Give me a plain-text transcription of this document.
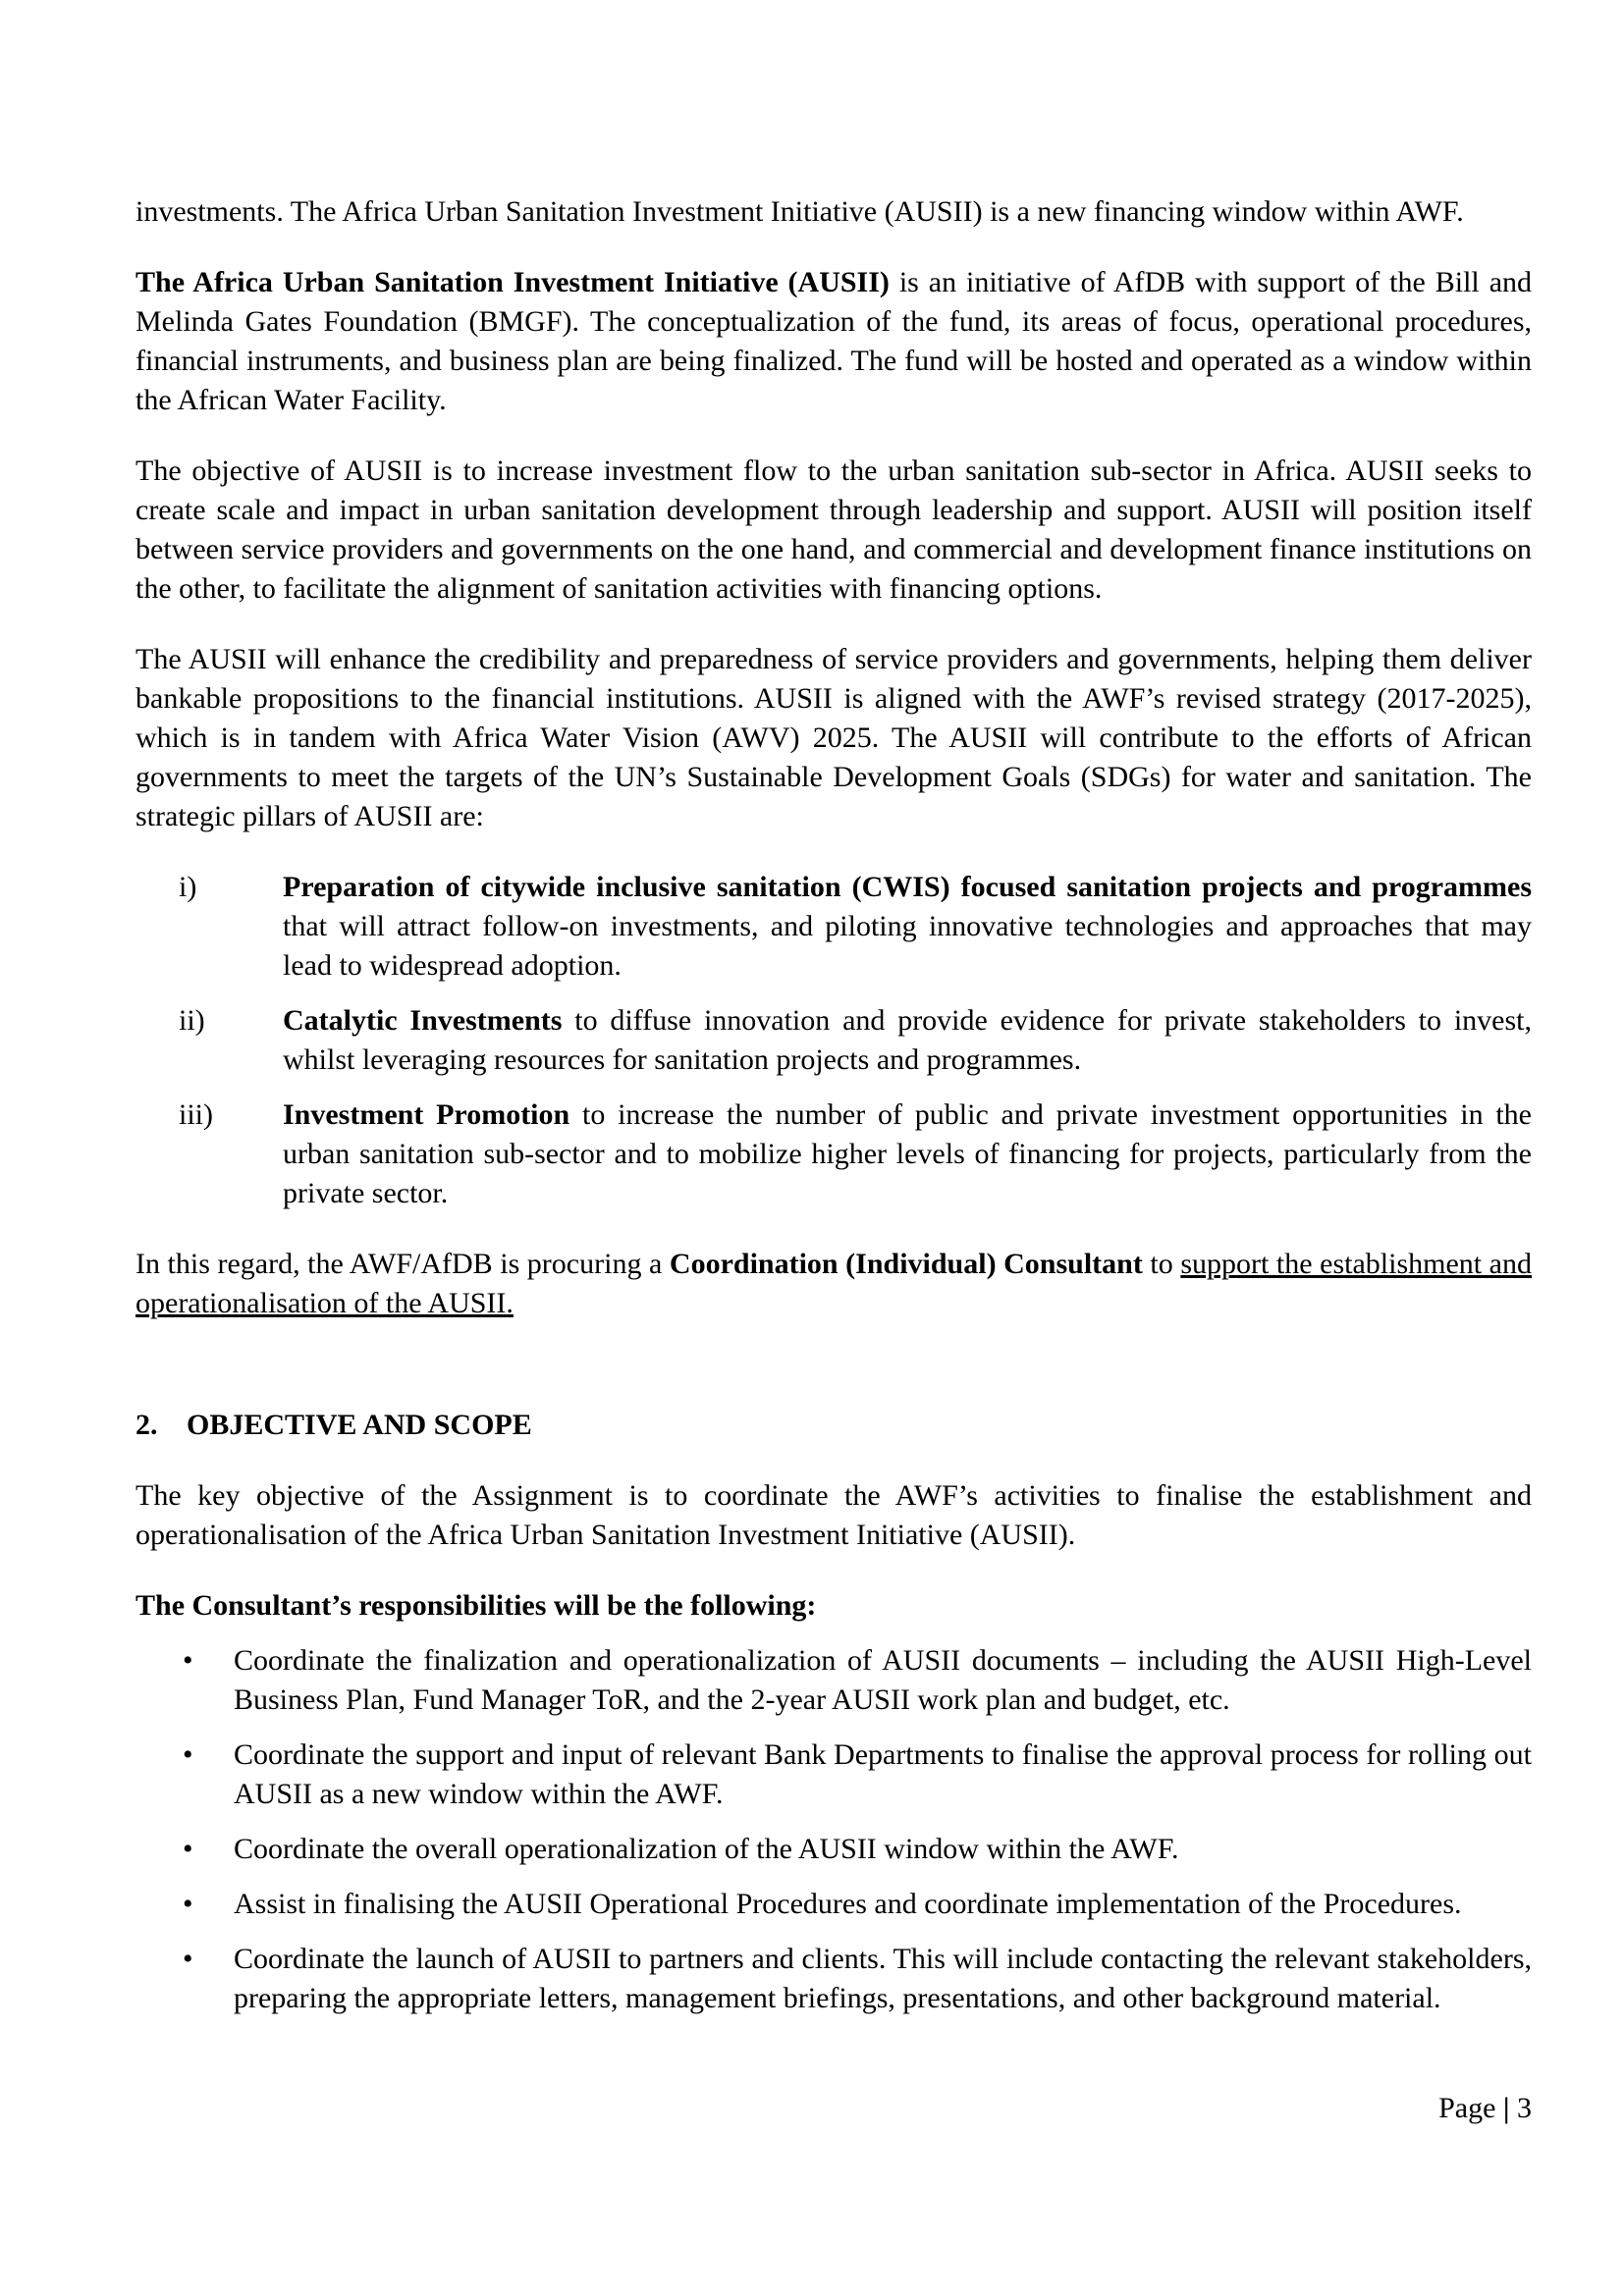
investments. The Africa Urban Sanitation Investment Initiative (AUSII) is a new financing window within AWF.

The Africa Urban Sanitation Investment Initiative (AUSII) is an initiative of AfDB with support of the Bill and Melinda Gates Foundation (BMGF). The conceptualization of the fund, its areas of focus, operational procedures, financial instruments, and business plan are being finalized. The fund will be hosted and operated as a window within the African Water Facility.

The objective of AUSII is to increase investment flow to the urban sanitation sub-sector in Africa. AUSII seeks to create scale and impact in urban sanitation development through leadership and support. AUSII will position itself between service providers and governments on the one hand, and commercial and development finance institutions on the other, to facilitate the alignment of sanitation activities with financing options.

The AUSII will enhance the credibility and preparedness of service providers and governments, helping them deliver bankable propositions to the financial institutions. AUSII is aligned with the AWF’s revised strategy (2017-2025), which is in tandem with Africa Water Vision (AWV) 2025. The AUSII will contribute to the efforts of African governments to meet the targets of the UN’s Sustainable Development Goals (SDGs) for water and sanitation. The strategic pillars of AUSII are:

i)	Preparation of citywide inclusive sanitation (CWIS) focused sanitation projects and programmes that will attract follow-on investments, and piloting innovative technologies and approaches that may lead to widespread adoption.
ii)	Catalytic Investments to diffuse innovation and provide evidence for private stakeholders to invest, whilst leveraging resources for sanitation projects and programmes.
iii)	Investment Promotion to increase the number of public and private investment opportunities in the urban sanitation sub-sector and to mobilize higher levels of financing for projects, particularly from the private sector.

In this regard, the AWF/AfDB is procuring a Coordination (Individual) Consultant to support the establishment and operationalisation of the AUSII.

2. OBJECTIVE AND SCOPE

The key objective of the Assignment is to coordinate the AWF’s activities to finalise the establishment and operationalisation of the Africa Urban Sanitation Investment Initiative (AUSII).

The Consultant’s responsibilities will be the following:

• Coordinate the finalization and operationalization of AUSII documents – including the AUSII High-Level Business Plan, Fund Manager ToR, and the 2-year AUSII work plan and budget, etc.
• Coordinate the support and input of relevant Bank Departments to finalise the approval process for rolling out AUSII as a new window within the AWF.
• Coordinate the overall operationalization of the AUSII window within the AWF.
• Assist in finalising the AUSII Operational Procedures and coordinate implementation of the Procedures.
• Coordinate the launch of AUSII to partners and clients. This will include contacting the relevant stakeholders, preparing the appropriate letters, management briefings, presentations, and other background material.
Page | 3
